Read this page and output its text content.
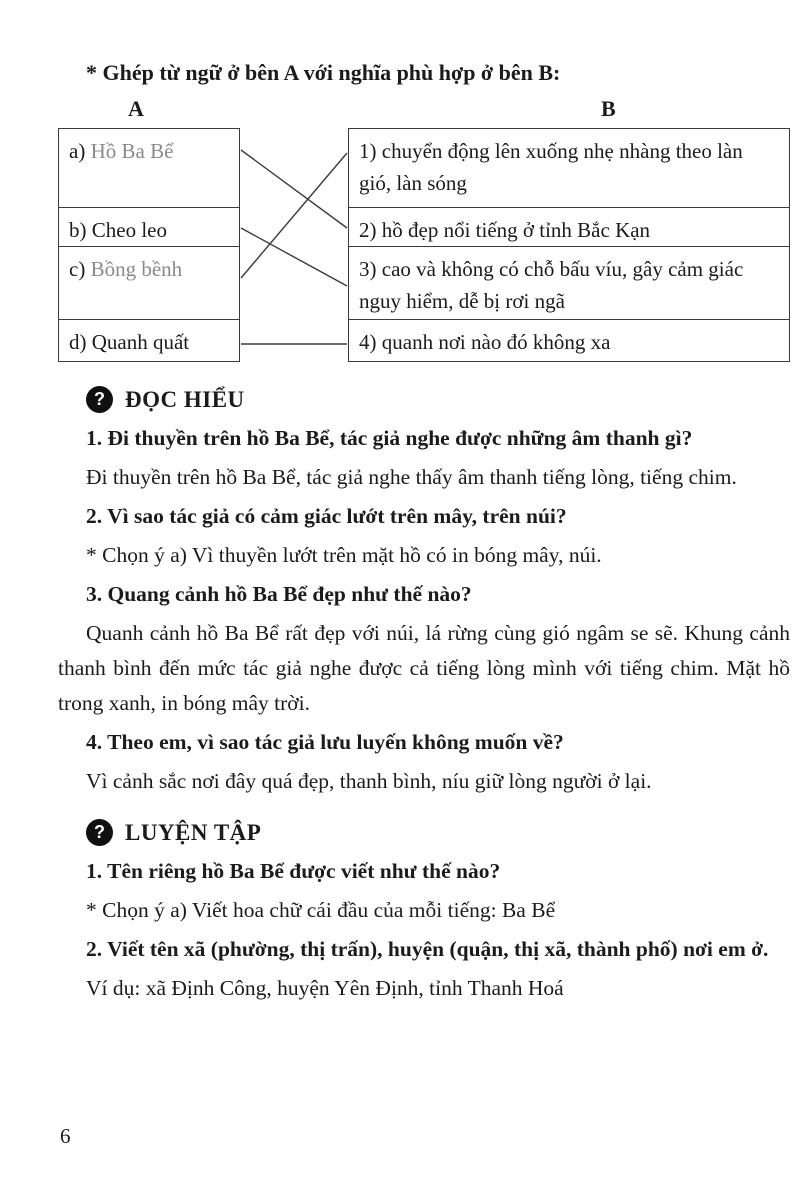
* Ghép từ ngữ ở bên A với nghĩa phù hợp ở bên B:

A	B
a) Hồ Ba Bể
b) Cheo leo
c) Bồng bềnh
d) Quanh quất
1) chuyển động lên xuống nhẹ nhàng theo làn gió, làn sóng
2) hồ đẹp nổi tiếng ở tỉnh Bắc Kạn
3) cao và không có chỗ bấu víu, gây cảm giác nguy hiểm, dễ bị rơi ngã
4) quanh nơi nào đó không xa
? ĐỌC HIỂU

1. Đi thuyền trên hồ Ba Bể, tác giả nghe được những âm thanh gì?

Đi thuyền trên hồ Ba Bể, tác giả nghe thấy âm thanh tiếng lòng, tiếng chim.

2. Vì sao tác giả có cảm giác lướt trên mây, trên núi?

* Chọn ý a) Vì thuyền lướt trên mặt hồ có in bóng mây, núi.

3. Quang cảnh hồ Ba Bể đẹp như thế nào?

Quanh cảnh hồ Ba Bể rất đẹp với núi, lá rừng cùng gió ngâm se sẽ. Khung cảnh thanh bình đến mức tác giả nghe được cả tiếng lòng mình với tiếng chim. Mặt hồ trong xanh, in bóng mây trời.

4. Theo em, vì sao tác giả lưu luyến không muốn về?

Vì cảnh sắc nơi đây quá đẹp, thanh bình, níu giữ lòng người ở lại.

? LUYỆN TẬP

1. Tên riêng hồ Ba Bể được viết như thế nào?

* Chọn ý a) Viết hoa chữ cái đầu của mỗi tiếng: Ba Bể

2. Viết tên xã (phường, thị trấn), huyện (quận, thị xã, thành phố) nơi em ở.

Ví dụ: xã Định Công, huyện Yên Định, tỉnh Thanh Hoá

6
